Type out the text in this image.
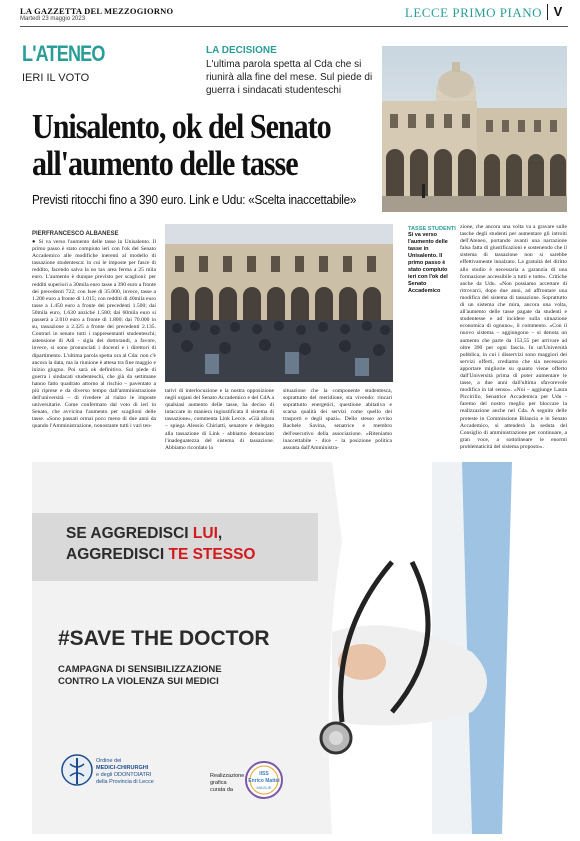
LA GAZZETTA DEL MEZZOGIORNO
Martedì 23 maggio 2023	LECCE PRIMO PIANO V
L'ATENEO
IERI IL VOTO
LA DECISIONE
L'ultima parola spetta al Cda che si riunirà alla fine del mese. Sul piede di guerra i sindacati studenteschi
Unisalento, ok del Senato all'aumento delle tasse
Previsti ritocchi fino a 390 euro. Link e Udu: «Scelta inaccettabile»
PIERFRANCESCO ALBANESE
● Si va verso l'aumento delle tasse in Unisalento. Il primo passo è stato compiuto ieri con l'ok del Senato Accademico alle modifiche inerenti al modello di tassazione studentesca: in cui le imposte per fasce di reddito, facendo salva la no tax area ferma a 25 mila euro. L'aumento è dunque previsto per scaglioni: per redditi superiori a 30mila euro tasse a 390 euro a fronte dei precedenti 722; con Isee di 35.000, invece, tasse a 1.200 euro a fronte di 1.015; con redditi di 40mila euro tasse a 1.450 euro a fronte dei precedenti 1.500; dai 50mila euro, 1.630 anziché 1.580; dai 60mila euro si passerà a 2.010 euro a fronte di 1.800; dai 70.000 in su, tassazione a 2.325 a fronte dei precedenti 2.135. Contrari in senato tutti i rappresentanti studenteschi; astensione di Adi - sigla dei dottorandi, a favore, invece, si sono pronunciati i docenti e i direttori di dipartimento. L'ultima parola spetta ora al Cda: non c'è ancora la data, ma la riunione è attesa tra fine maggio e inizio giugno. Poi sarà ok definitivo. Sul piede di guerra i sindacati studenteschi, che già da settimane hanno fatto quadrato attorno al rischio – paventato a più riprese e da diverso tempo dall'amministrazione dell'università – di rivedere al rialzo le imposte universitarie. Come confermato dal voto di ieri in Senato, che avvicina l'aumento per scaglioni delle tasse. «Sono passati ormai poco meno di due anni da quando l'Amministrazione, nonostante tutti i vari ten-
tativi di interlocuzione e la nostra opposizione negli organi del Senato Accademico e del CdA a qualsiasi aumento delle tasse, ha deciso di intaccare in maniera ingiustificata il sistema di tassazione», commenta Link Lecce. «Già allora – spiega Alessio Chiriatti, senatore e delegato alla tassazione di Link - abbiamo denunciato l'inadeguatezza del sistema di tassazione. Abbiamo ricordato la
situazione che la componente studentesca, soprattutto del meridione, sta vivendo: rincari soprattutto energetici, questione abitativa e scarsa qualità dei servizi come quello dei trasporti e degli spazi». Dello stesso avviso Rachele Savina, senatrice e membro dell'esecutivo della associazione. «Riteniamo inaccettabile - dice - la posizione politica assunta dall'Amministra-
TASSE STUDENTI
Si va verso l'aumento delle tasse in Unisalento. Il primo passo è stato compiuto ieri con l'ok del Senato Accademico
zione, che ancora una volta va a gravare sulle tasche degli studenti per aumentare gli introiti dell'Ateneo, portando avanti una narrazione falsa fatta di giustificazioni e sostenendo che il sistema di tassazione non si sarebbe effettivamente innalzato. La gratuità del diritto allo studio è necessaria a garanzia di una formazione accessibile a tutti e tutte». Critiche anche da Udu. «Non possiamo accettare di ritrovarci, dopo due anni, ad affrontare una modifica del sistema di tassazione. Soprattutto di un sistema che mira, ancora una volta, all'aumento delle tasse pagate da studenti e studentesse e ad incidere sulla situazione economica di ognuno», il commento. «Con il nuovo sistema – aggiungono – si denota un aumento che parte da 153,55 per arrivare ad oltre 390 per ogni fascia. In un'Università pubblica, in cui i disservizi sono maggiori dei servizi offerti, crediamo che sia necessario apportare migliorie su quanto viene offerto dall'Università prima di poter aumentare le tasse, a due anni dall'ultima sfavorevole modifica in tal senso». «Noi – aggiunge Laura Piccirillo, Senatrice Accademica per Udu - faremo del nostro meglio per bloccare la realizzazione anche nel Cda. A seguito delle proteste in Commissione Bilancio e in Senato Accademico, si attenderà la seduta del Consiglio di amministrazione per continuare, a gran voce, a sottolineare le enormi problematicità del sistema proposto».
SE AGGREDISCI LUI,
AGGREDISCI TE STESSO
#SAVE THE DOCTOR
CAMPAGNA DI SENSIBILIZZAZIONE
CONTRO LA VIOLENZA SUI MEDICI
Ordine dei
MEDICI-CHIRURGHI
e degli ODONTOIATRI
della Provincia di Lecce
Realizzazione
grafica
curata da
IISS
Enrico Mattei
MAGLIE
